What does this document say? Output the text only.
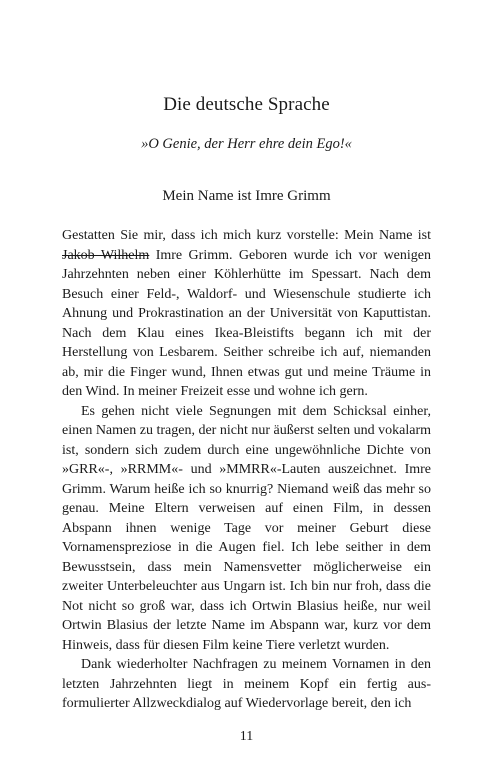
Die deutsche Sprache
»O Genie, der Herr ehre dein Ego!«
Mein Name ist Imre Grimm

Gestatten Sie mir, dass ich mich kurz vorstelle: Mein Name ist Jakob Wilhelm Imre Grimm. Geboren wurde ich vor wenigen Jahrzehnten neben einer Köhlerhütte im Spessart. Nach dem Besuch einer Feld-, Waldorf- und Wiesenschule studierte ich Ahnung und Prokrastination an der Universität von Kaputtistan. Nach dem Klau eines Ikea-Bleistifts begann ich mit der Herstellung von Lesbarem. Seither schreibe ich auf, niemanden ab, mir die Finger wund, Ihnen etwas gut und meine Träume in den Wind. In meiner Freizeit esse und wohne ich gern.

Es gehen nicht viele Segnungen mit dem Schicksal einher, einen Namen zu tragen, der nicht nur äußerst selten und vokalarm ist, sondern sich zudem durch eine ungewöhnliche Dichte von »GRR«-, »RRMM«- und »MMRR«-Lauten auszeichnet. Imre Grimm. Warum heiße ich so knurrig? Niemand weiß das mehr so genau. Meine Eltern verweisen auf einen Film, in dessen Abspann ihnen wenige Tage vor meiner Geburt diese Vornamenspreziose in die Augen fiel. Ich lebe seither in dem Bewusstsein, dass mein Namensvetter möglicherweise ein zweiter Unterbeleuchter aus Ungarn ist. Ich bin nur froh, dass die Not nicht so groß war, dass ich Ortwin Blasius heiße, nur weil Ortwin Blasius der letzte Name im Abspann war, kurz vor dem Hinweis, dass für diesen Film keine Tiere verletzt wurden.

Dank wiederholter Nachfragen zu meinem Vornamen in den letzten Jahrzehnten liegt in meinem Kopf ein fertig ausformulierter Allzweckdialog auf Wiedervorlage bereit, den ich

11
